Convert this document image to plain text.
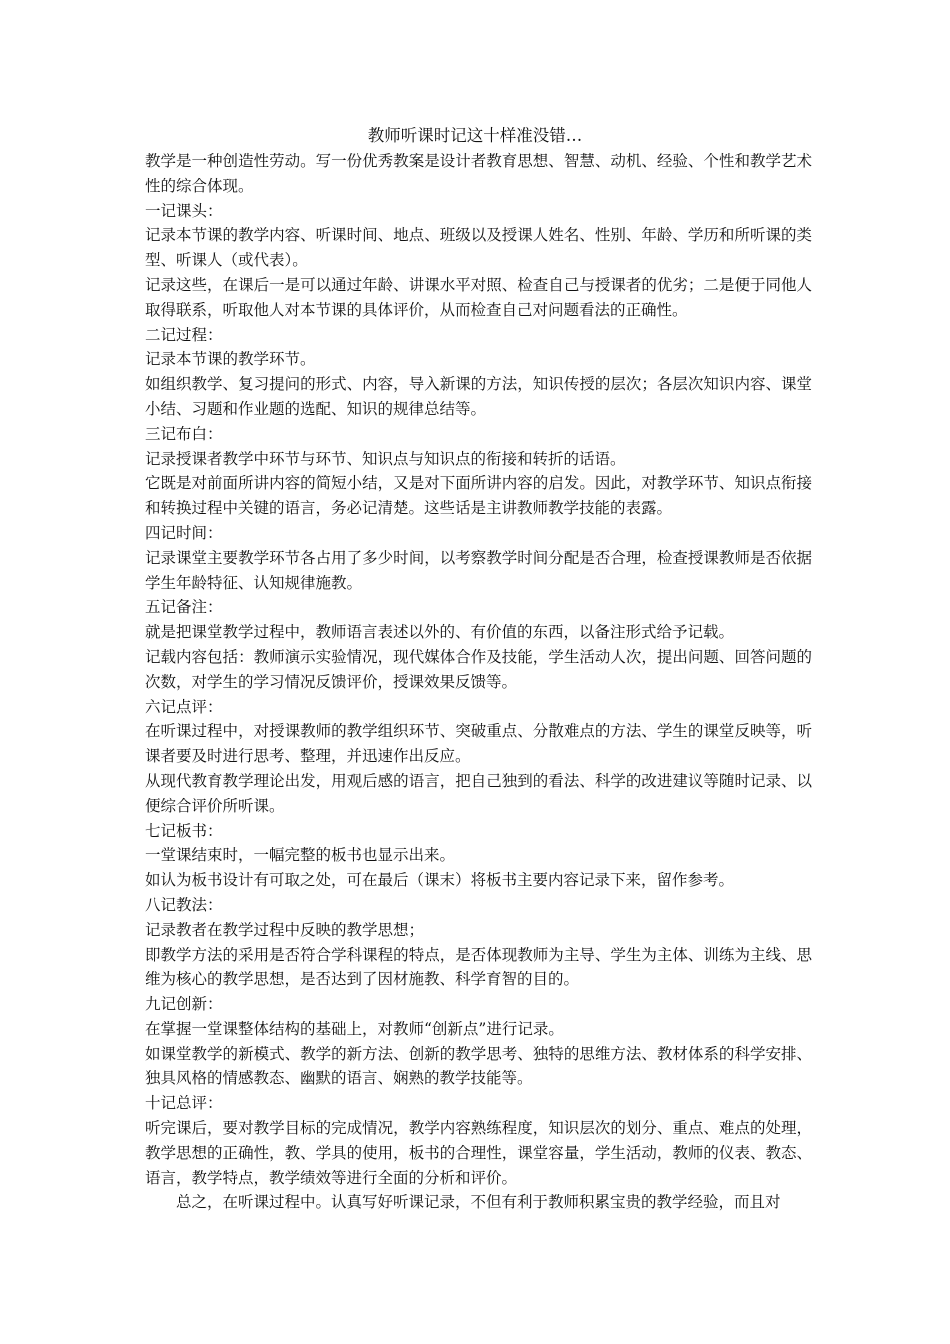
教师听课时记这十样准没错…

教学是一种创造性劳动。写一份优秀教案是设计者教育思想、智慧、动机、经验、个性和教学艺术性的综合体现。

一记课头：

记录本节课的教学内容、听课时间、地点、班级以及授课人姓名、性别、年龄、学历和所听课的类型、听课人（或代表）。

记录这些，在课后一是可以通过年龄、讲课水平对照、检查自己与授课者的优劣；二是便于同他人取得联系，听取他人对本节课的具体评价，从而检查自己对问题看法的正确性。

二记过程：

记录本节课的教学环节。

如组织教学、复习提问的形式、内容，导入新课的方法，知识传授的层次；各层次知识内容、课堂小结、习题和作业题的选配、知识的规律总结等。

三记布白：

记录授课者教学中环节与环节、知识点与知识点的衔接和转折的话语。

它既是对前面所讲内容的简短小结，又是对下面所讲内容的启发。因此，对教学环节、知识点衔接和转换过程中关键的语言，务必记清楚。这些话是主讲教师教学技能的表露。

四记时间：

记录课堂主要教学环节各占用了多少时间，以考察教学时间分配是否合理，检查授课教师是否依据学生年龄特征、认知规律施教。

五记备注：

就是把课堂教学过程中，教师语言表述以外的、有价值的东西，以备注形式给予记载。

记载内容包括：教师演示实验情况，现代媒体合作及技能，学生活动人次，提出问题、回答问题的次数，对学生的学习情况反馈评价，授课效果反馈等。

六记点评：

在听课过程中，对授课教师的教学组织环节、突破重点、分散难点的方法、学生的课堂反映等，听课者要及时进行思考、整理，并迅速作出反应。

从现代教育教学理论出发，用观后感的语言，把自己独到的看法、科学的改进建议等随时记录、以便综合评价所听课。

七记板书：

一堂课结束时，一幅完整的板书也显示出来。

如认为板书设计有可取之处，可在最后（课末）将板书主要内容记录下来，留作参考。

八记教法：

记录教者在教学过程中反映的教学思想；

即教学方法的采用是否符合学科课程的特点，是否体现教师为主导、学生为主体、训练为主线、思维为核心的教学思想，是否达到了因材施教、科学育智的目的。

九记创新：

在掌握一堂课整体结构的基础上，对教师“创新点”进行记录。

如课堂教学的新模式、教学的新方法、创新的教学思考、独特的思维方法、教材体系的科学安排、独具风格的情感教态、幽默的语言、娴熟的教学技能等。

十记总评：

听完课后，要对教学目标的完成情况，教学内容熟练程度，知识层次的划分、重点、难点的处理，教学思想的正确性，教、学具的使用，板书的合理性，课堂容量，学生活动，教师的仪表、教态、语言，教学特点，教学绩效等进行全面的分析和评价。

总之，在听课过程中。认真写好听课记录，不但有利于教师积累宝贵的教学经验，而且对
